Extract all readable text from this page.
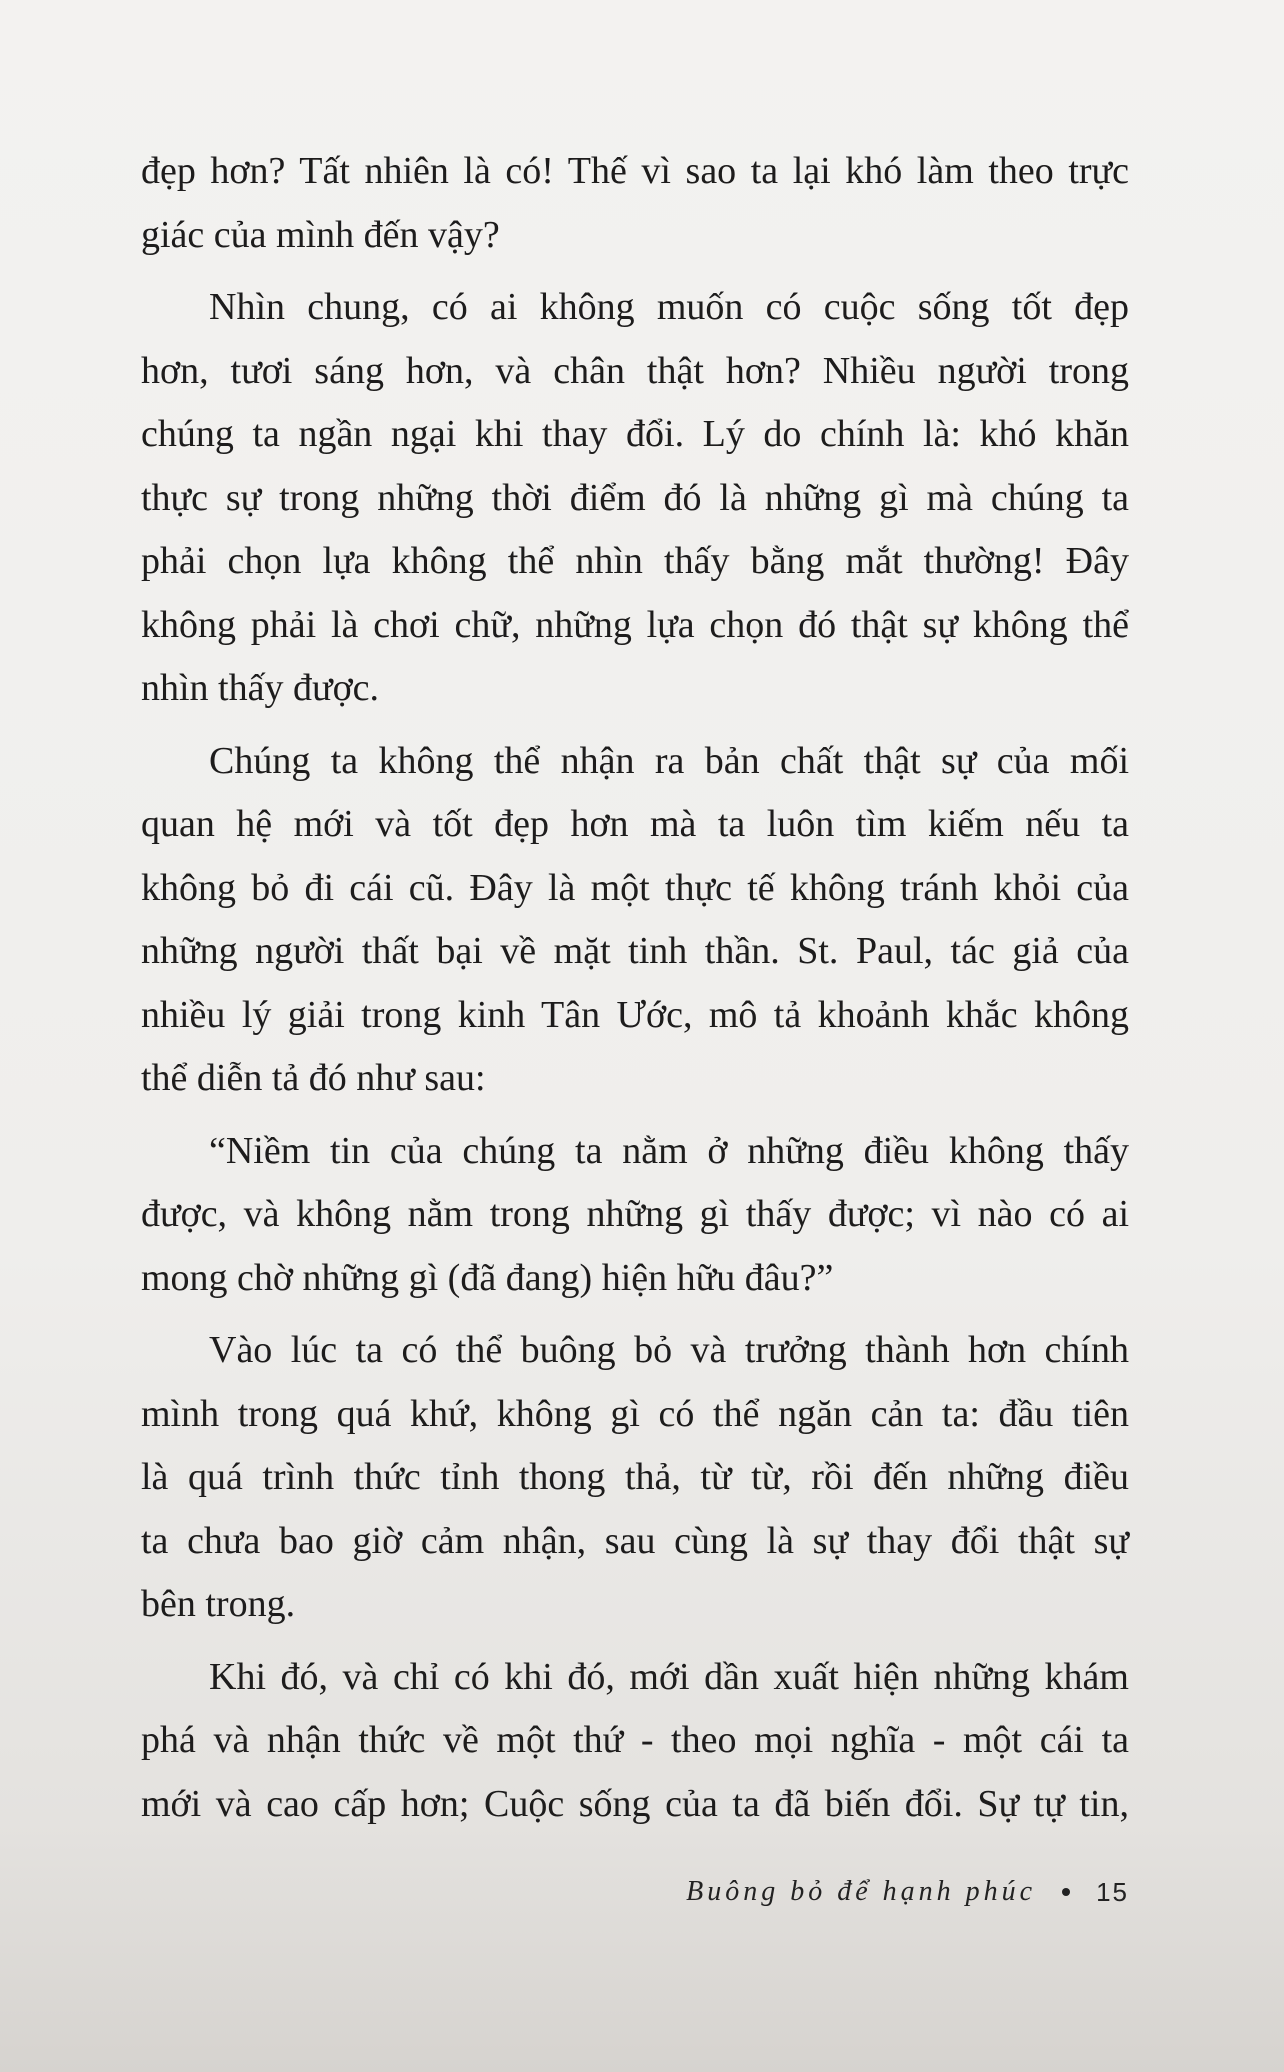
đẹp hơn? Tất nhiên là có! Thế vì sao ta lại khó làm theo trực
giác của mình đến vậy?
Nhìn chung, có ai không muốn có cuộc sống tốt đẹp
hơn, tươi sáng hơn, và chân thật hơn? Nhiều người trong
chúng ta ngần ngại khi thay đổi. Lý do chính là: khó khăn
thực sự trong những thời điểm đó là những gì mà chúng ta
phải chọn lựa không thể nhìn thấy bằng mắt thường! Đây
không phải là chơi chữ, những lựa chọn đó thật sự không thể
nhìn thấy được.
Chúng ta không thể nhận ra bản chất thật sự của mối
quan hệ mới và tốt đẹp hơn mà ta luôn tìm kiếm nếu ta
không bỏ đi cái cũ. Đây là một thực tế không tránh khỏi của
những người thất bại về mặt tinh thần. St. Paul, tác giả của
nhiều lý giải trong kinh Tân Ước, mô tả khoảnh khắc không
thể diễn tả đó như sau:
“Niềm tin của chúng ta nằm ở những điều không thấy
được, và không nằm trong những gì thấy được; vì nào có ai
mong chờ những gì (đã đang) hiện hữu đâu?”
Vào lúc ta có thể buông bỏ và trưởng thành hơn chính
mình trong quá khứ, không gì có thể ngăn cản ta: đầu tiên
là quá trình thức tỉnh thong thả, từ từ, rồi đến những điều
ta chưa bao giờ cảm nhận, sau cùng là sự thay đổi thật sự
bên trong.
Khi đó, và chỉ có khi đó, mới dần xuất hiện những khám
phá và nhận thức về một thứ - theo mọi nghĩa - một cái ta
mới và cao cấp hơn; Cuộc sống của ta đã biến đổi. Sự tự tin,
Buông bỏ để hạnh phúc 15
